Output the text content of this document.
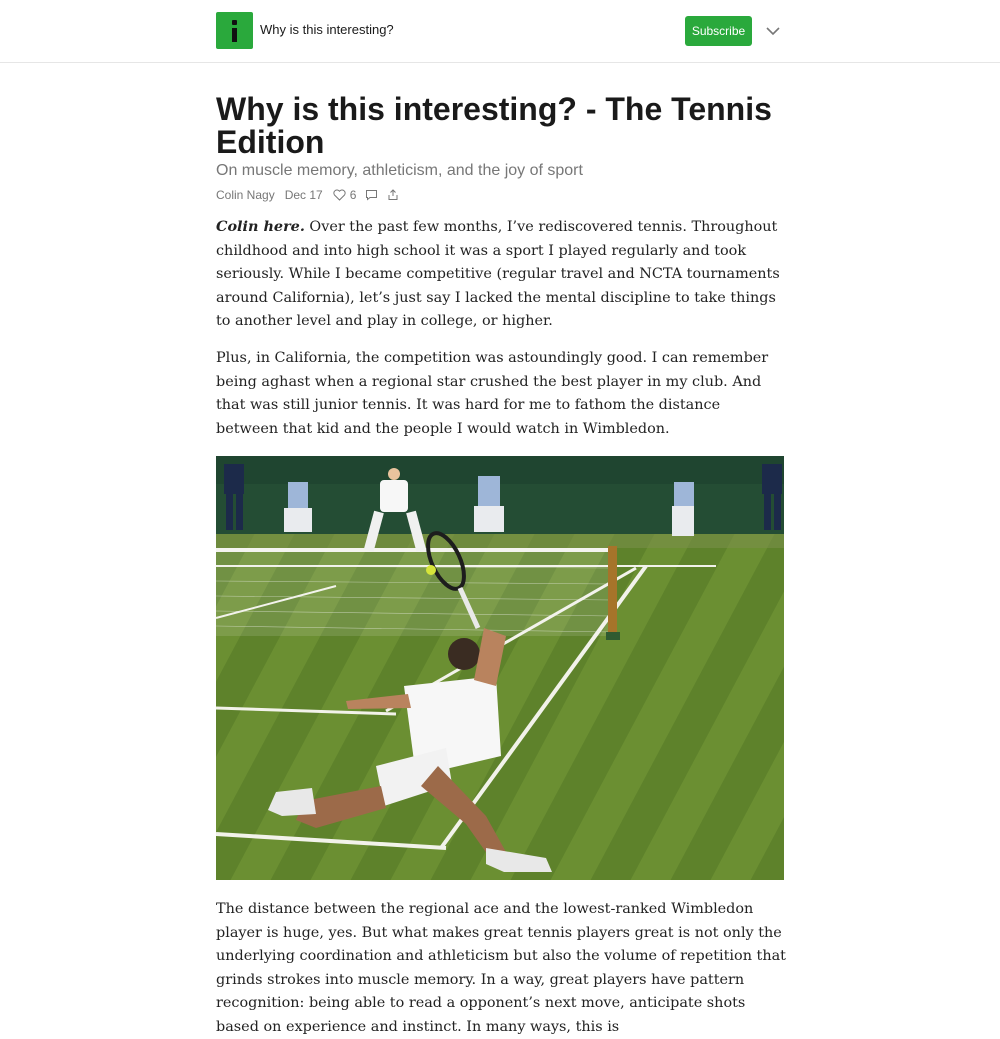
Why is this interesting?	Subscribe
Why is this interesting? - The Tennis Edition
On muscle memory, athleticism, and the joy of sport
Colin Nagy Dec 17 6

Colin here. Over the past few months, I’ve rediscovered tennis. Throughout childhood and into high school it was a sport I played regularly and took seriously. While I became competitive (regular travel and NCTA tournaments around California), let’s just say I lacked the mental discipline to take things to another level and play in college, or higher.

Plus, in California, the competition was astoundingly good. I can remember being aghast when a regional star crushed the best player in my club. And that was still junior tennis. It was hard for me to fathom the distance between that kid and the people I would watch in Wimbledon.

The distance between the regional ace and the lowest-ranked Wimbledon player is huge, yes. But what makes great tennis players great is not only the underlying coordination and athleticism but also the volume of repetition that grinds strokes into muscle memory. In a way, great players have pattern recognition: being able to read a opponent’s next move, anticipate shots based on experience and instinct. In many ways, this is
